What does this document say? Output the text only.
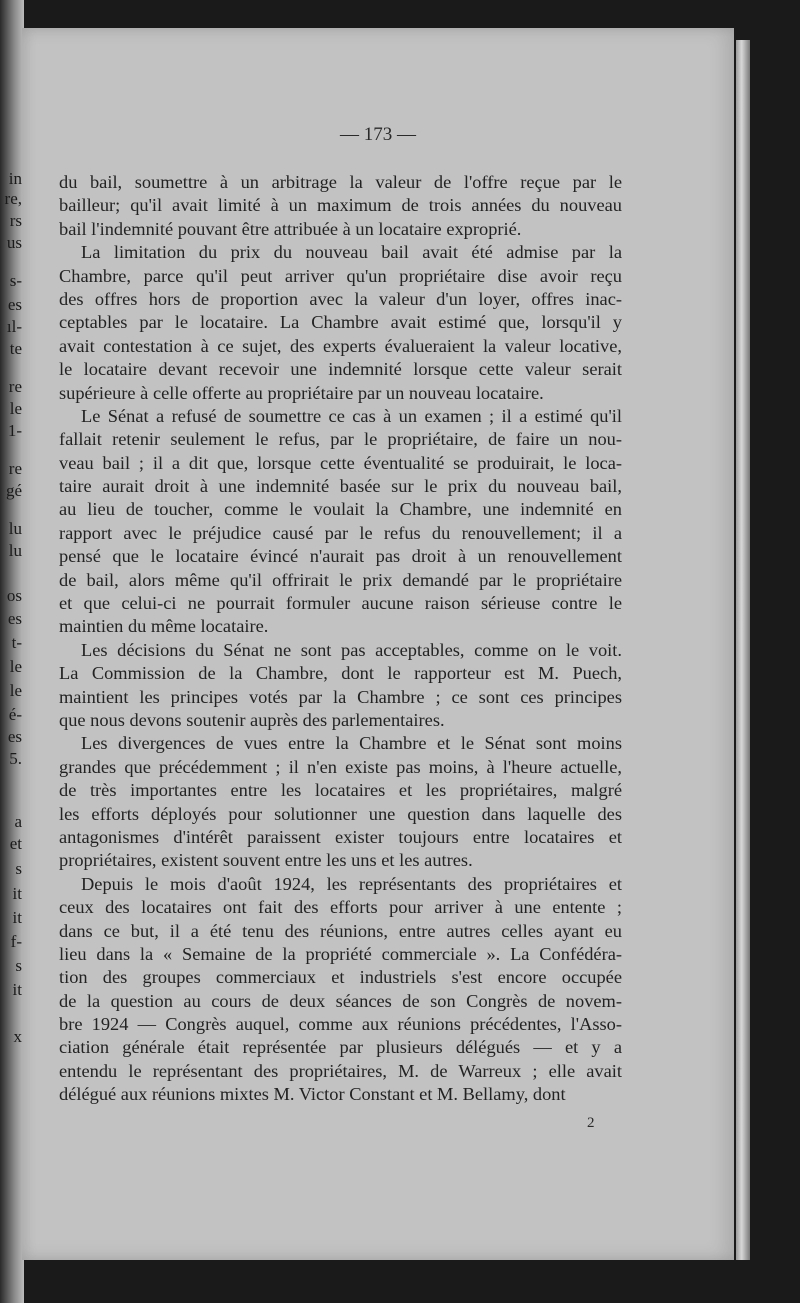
in
re,
rs
us
s-
es
ıl-
te
re
le
1-
re
gé
lu
lu
os
es
t-
le
le
é-
es
5.
a
et
s
it
it
f-
s
it
x
— 173 —
du bail, soumettre à un arbitrage la valeur de l'offre reçue par le
bailleur; qu'il avait limité à un maximum de trois années du nouveau
bail l'indemnité pouvant être attribuée à un locataire exproprié.
La limitation du prix du nouveau bail avait été admise par la
Chambre, parce qu'il peut arriver qu'un propriétaire dise avoir reçu
des offres hors de proportion avec la valeur d'un loyer, offres inac-
ceptables par le locataire. La Chambre avait estimé que, lorsqu'il y
avait contestation à ce sujet, des experts évalueraient la valeur locative,
le locataire devant recevoir une indemnité lorsque cette valeur serait
supérieure à celle offerte au propriétaire par un nouveau locataire.
Le Sénat a refusé de soumettre ce cas à un examen ; il a estimé qu'il
fallait retenir seulement le refus, par le propriétaire, de faire un nou-
veau bail ; il a dit que, lorsque cette éventualité se produirait, le loca-
taire aurait droit à une indemnité basée sur le prix du nouveau bail,
au lieu de toucher, comme le voulait la Chambre, une indemnité en
rapport avec le préjudice causé par le refus du renouvellement; il a
pensé que le locataire évincé n'aurait pas droit à un renouvellement
de bail, alors même qu'il offrirait le prix demandé par le propriétaire
et que celui-ci ne pourrait formuler aucune raison sérieuse contre le
maintien du même locataire.
Les décisions du Sénat ne sont pas acceptables, comme on le voit.
La Commission de la Chambre, dont le rapporteur est M. Puech,
maintient les principes votés par la Chambre ; ce sont ces principes
que nous devons soutenir auprès des parlementaires.
Les divergences de vues entre la Chambre et le Sénat sont moins
grandes que précédemment ; il n'en existe pas moins, à l'heure actuelle,
de très importantes entre les locataires et les propriétaires, malgré
les efforts déployés pour solutionner une question dans laquelle des
antagonismes d'intérêt paraissent exister toujours entre locataires et
propriétaires, existent souvent entre les uns et les autres.
Depuis le mois d'août 1924, les représentants des propriétaires et
ceux des locataires ont fait des efforts pour arriver à une entente ;
dans ce but, il a été tenu des réunions, entre autres celles ayant eu
lieu dans la « Semaine de la propriété commerciale ». La Confédéra-
tion des groupes commerciaux et industriels s'est encore occupée
de la question au cours de deux séances de son Congrès de novem-
bre 1924 — Congrès auquel, comme aux réunions précédentes, l'Asso-
ciation générale était représentée par plusieurs délégués — et y a
entendu le représentant des propriétaires, M. de Warreux ; elle avait
délégué aux réunions mixtes M. Victor Constant et M. Bellamy, dont
2
